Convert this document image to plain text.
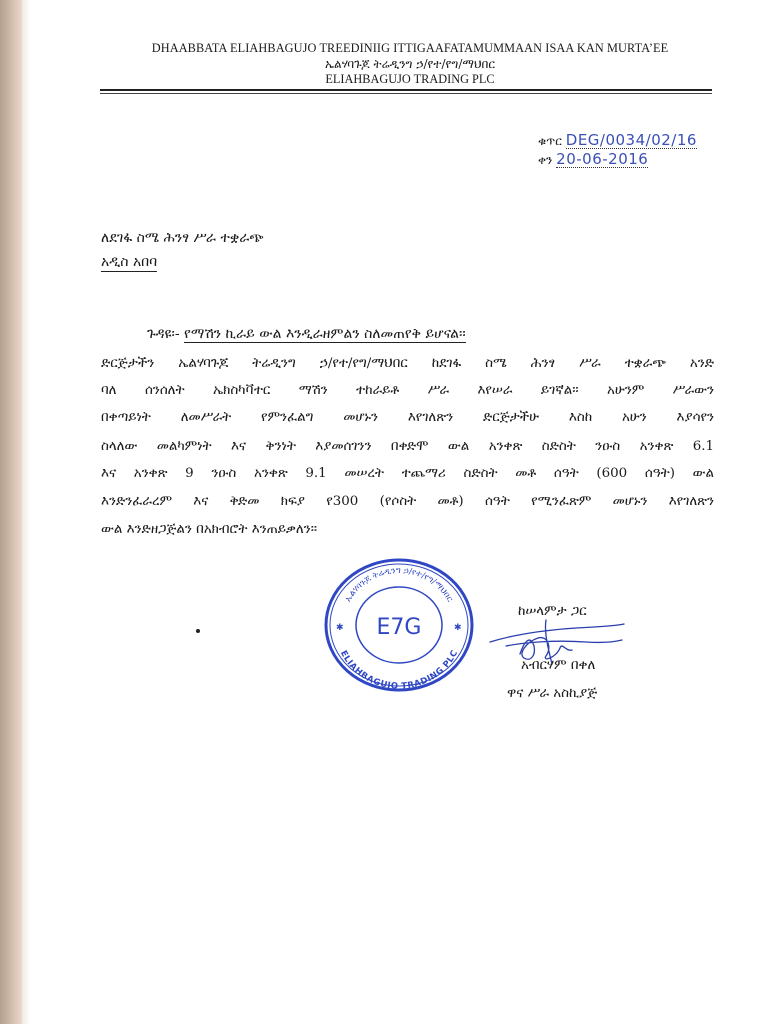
DHAABBATA ELIAHBAGUJO TREEDINIIG ITTIGAAFATAMUMMAAN ISAA KAN MURTA’EE
ኤልሃባጉጆ ትሬዲንግ ኃ/የተ/የግ/ማህበር
ELIAHBAGUJO TRADING PLC
ቁጥር DEG/0034/02/16
ቀን 20-06-2016
ለደገፋ ስሜ ሕንፃ ሥራ ተቋራጭ
አዲስ አበባ
ጉዳዩ፡- የማሽን ኪራይ ውል እንዲራዘምልን ስለመጠየቅ ይሆናል፡፡
ድርጅታችን ኤልሃባጉጆ ትሬዲንግ ኃ/የተ/የግ/ማህበር ከደገፋ ስሜ ሕንፃ ሥራ ተቋራጭ አንድ
ባለ ሰንሰለት ኤክስካቫተር ማሽን ተከራይቶ ሥራ እየሠራ ይገኛል፡፡ አሁንም ሥራውን
በቀጣይነት ለመሥራት የምንፈልግ መሆኑን እየገለጽን ድርጅታችሁ እስከ አሁን እያሳየን
ስላለው መልካምነት እና ቅንነት እያመሰገንን በቀድሞ ውል አንቀጽ ስድስት ንዑስ አንቀጽ 6.1
እና አንቀጽ 9 ንዑስ አንቀጽ 9.1 መሠረት ተጨማሪ ስድስት መቶ ሰዓት (600 ሰዓት) ውል
እንድንፈራረም እና ቅድመ ክፍያ የ300 (የሶስት መቶ) ሰዓት የሚንፈጽም መሆኑን እየገለጽን
ውል እንድዘጋጅልን በአክብሮት እንጠይቃለን፡፡
ኤልሃባጉጆ ትሬዲንግ ኃ/የተ/የግ/ማህበር
ELIAHBAGUJO TRADING PLC
✱	✱
E7G
ከሠላምታ ጋር
አብርሃም በቀለ
ዋና ሥራ አስኪያጅ
